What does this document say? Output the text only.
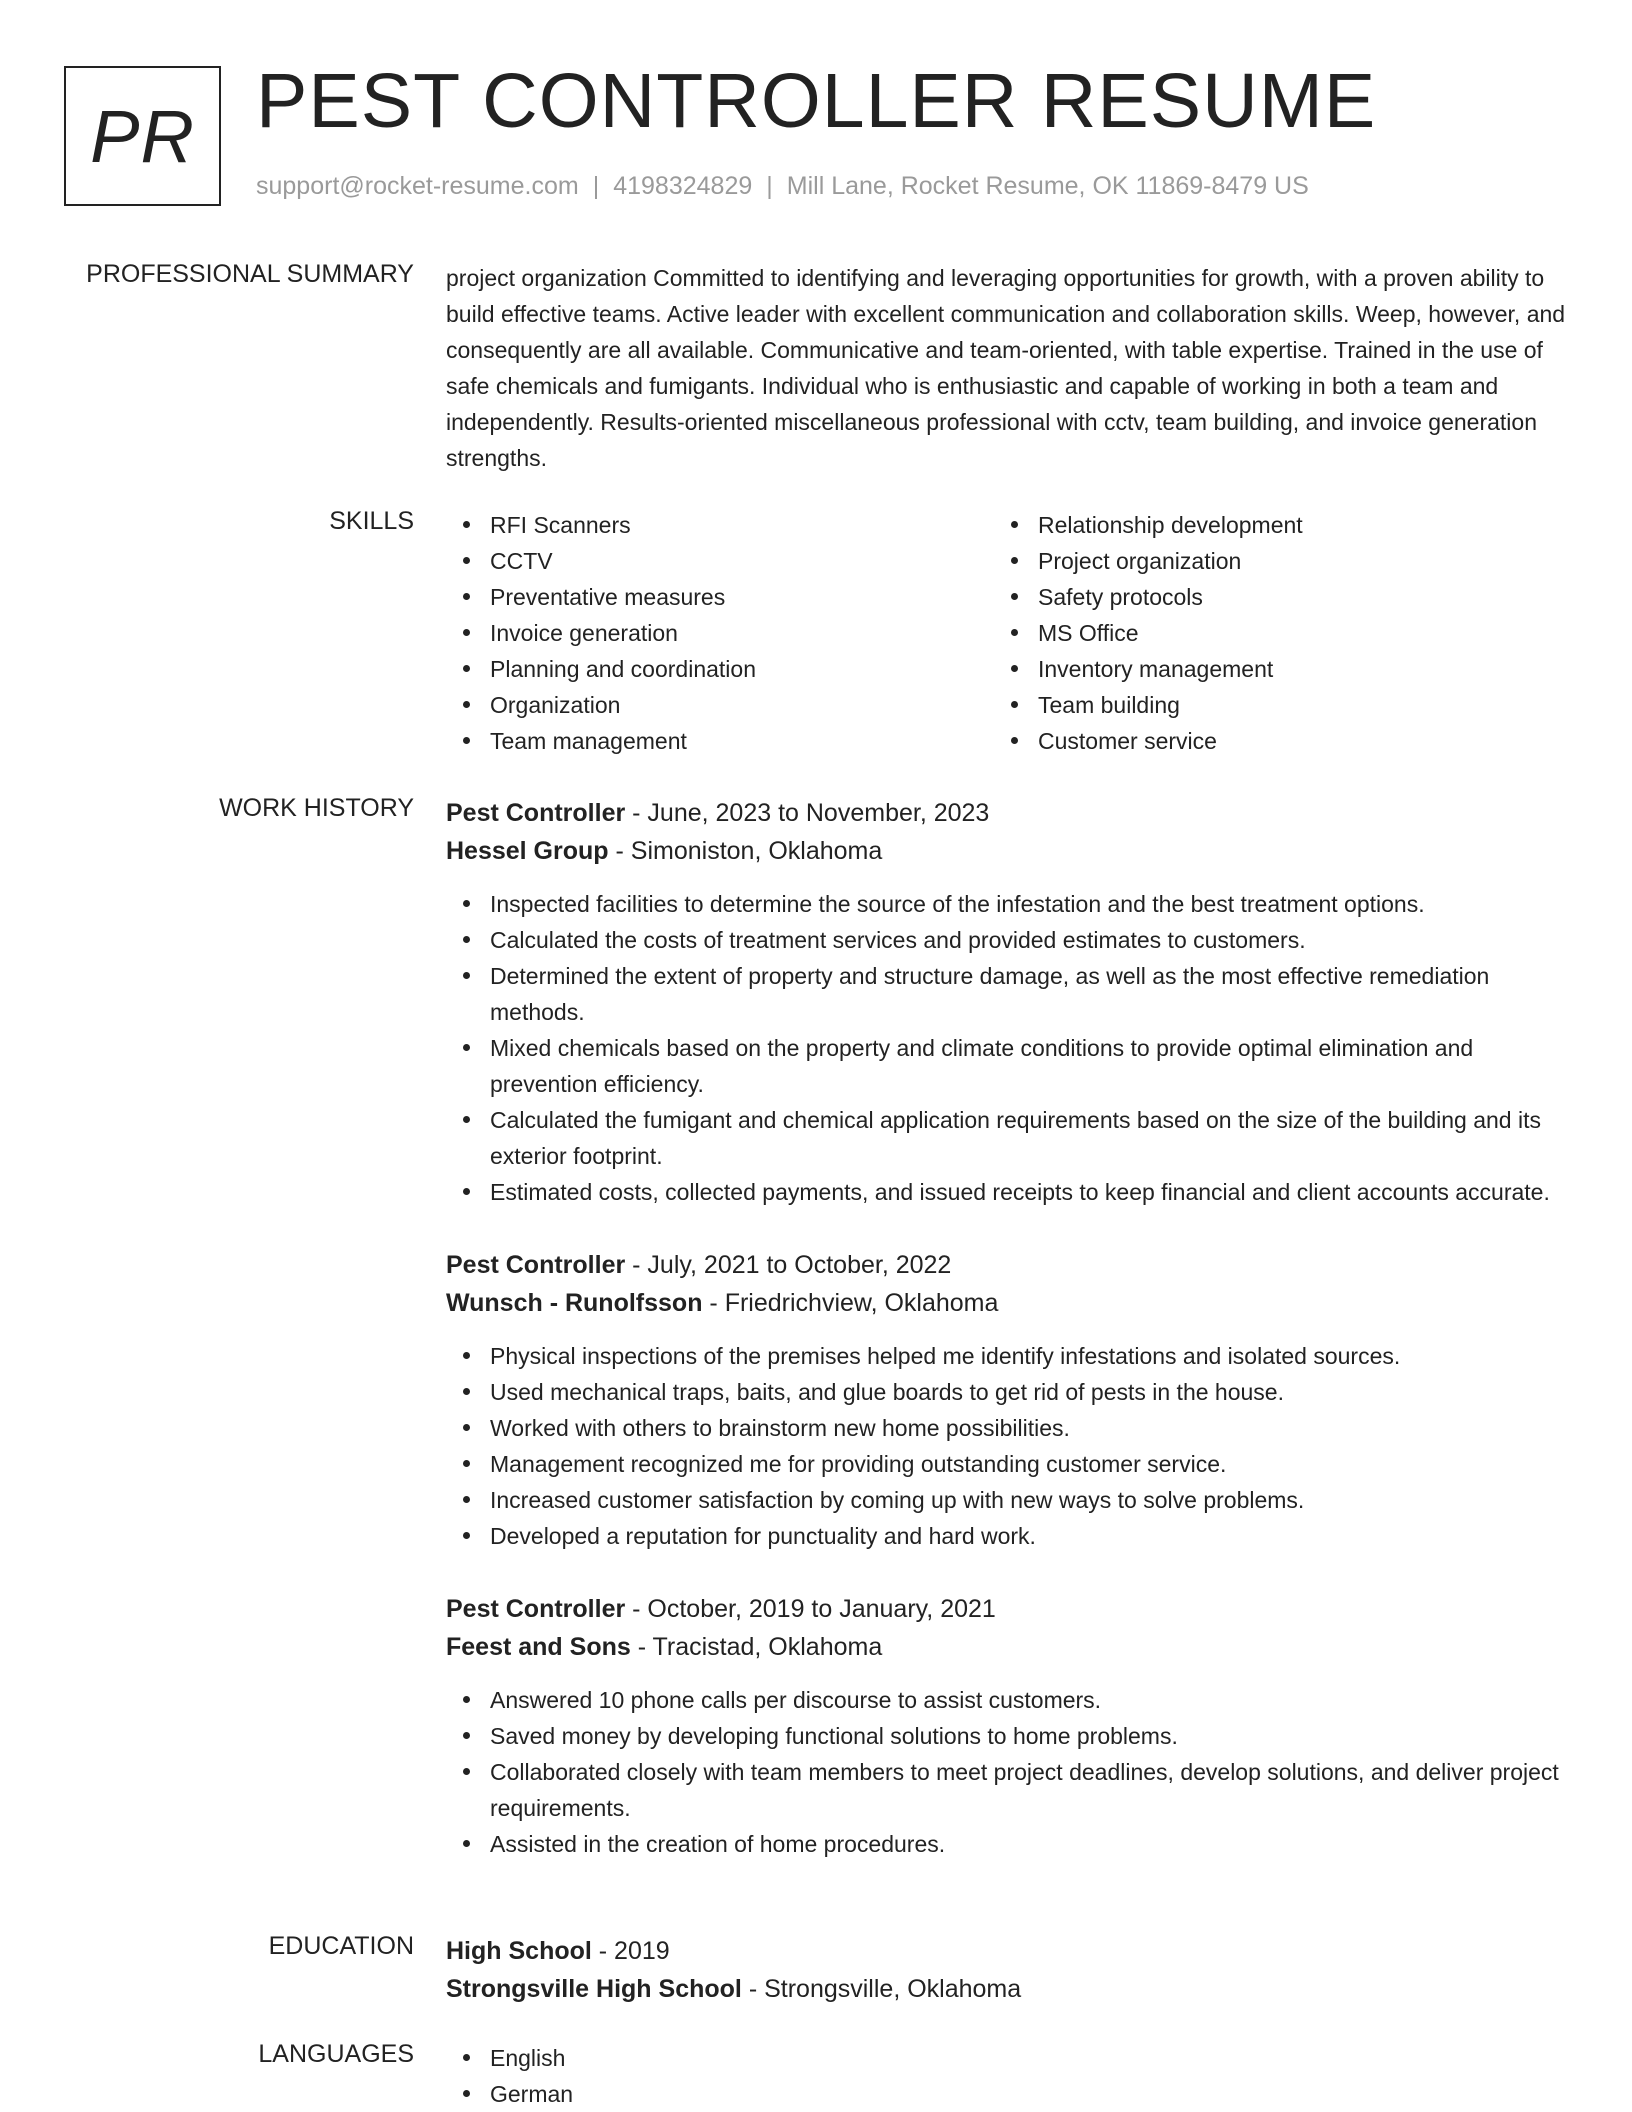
PR PEST CONTROLLER RESUME
support@rocket-resume.com | 4198324829 | Mill Lane, Rocket Resume, OK 11869-8479 US
PROFESSIONAL SUMMARY project organization Committed to identifying and leveraging opportunities for growth, with a proven ability to build effective teams. Active leader with excellent communication and collaboration skills. Weep, however, and consequently are all available. Communicative and team-oriented, with table expertise. Trained in the use of safe chemicals and fumigants. Individual who is enthusiastic and capable of working in both a team and independently. Results-oriented miscellaneous professional with cctv, team building, and invoice generation strengths.

SKILLS	RFI Scanners
CCTV
Preventative measures
Invoice generation
Planning and coordination
Organization
Team management
Relationship development
Project organization
Safety protocols
MS Office
Inventory management
Team building
Customer service
WORK HISTORY Pest Controller - June, 2023 to November, 2023
Hessel Group - Simoniston, Oklahoma
Inspected facilities to determine the source of the infestation and the best treatment options.
Calculated the costs of treatment services and provided estimates to customers.
Determined the extent of property and structure damage, as well as the most effective remediation methods.
Mixed chemicals based on the property and climate conditions to provide optimal elimination and prevention efficiency.
Calculated the fumigant and chemical application requirements based on the size of the building and its exterior footprint.
Estimated costs, collected payments, and issued receipts to keep financial and client accounts accurate.
Pest Controller - July, 2021 to October, 2022
Wunsch - Runolfsson - Friedrichview, Oklahoma
Physical inspections of the premises helped me identify infestations and isolated sources.
Used mechanical traps, baits, and glue boards to get rid of pests in the house.
Worked with others to brainstorm new home possibilities.
Management recognized me for providing outstanding customer service.
Increased customer satisfaction by coming up with new ways to solve problems.
Developed a reputation for punctuality and hard work.
Pest Controller - October, 2019 to January, 2021
Feest and Sons - Tracistad, Oklahoma
Answered 10 phone calls per discourse to assist customers.
Saved money by developing functional solutions to home problems.
Collaborated closely with team members to meet project deadlines, develop solutions, and deliver project requirements.
Assisted in the creation of home procedures.
EDUCATION High School - 2019
Strongsville High School - Strongsville, Oklahoma
LANGUAGES	English
German
